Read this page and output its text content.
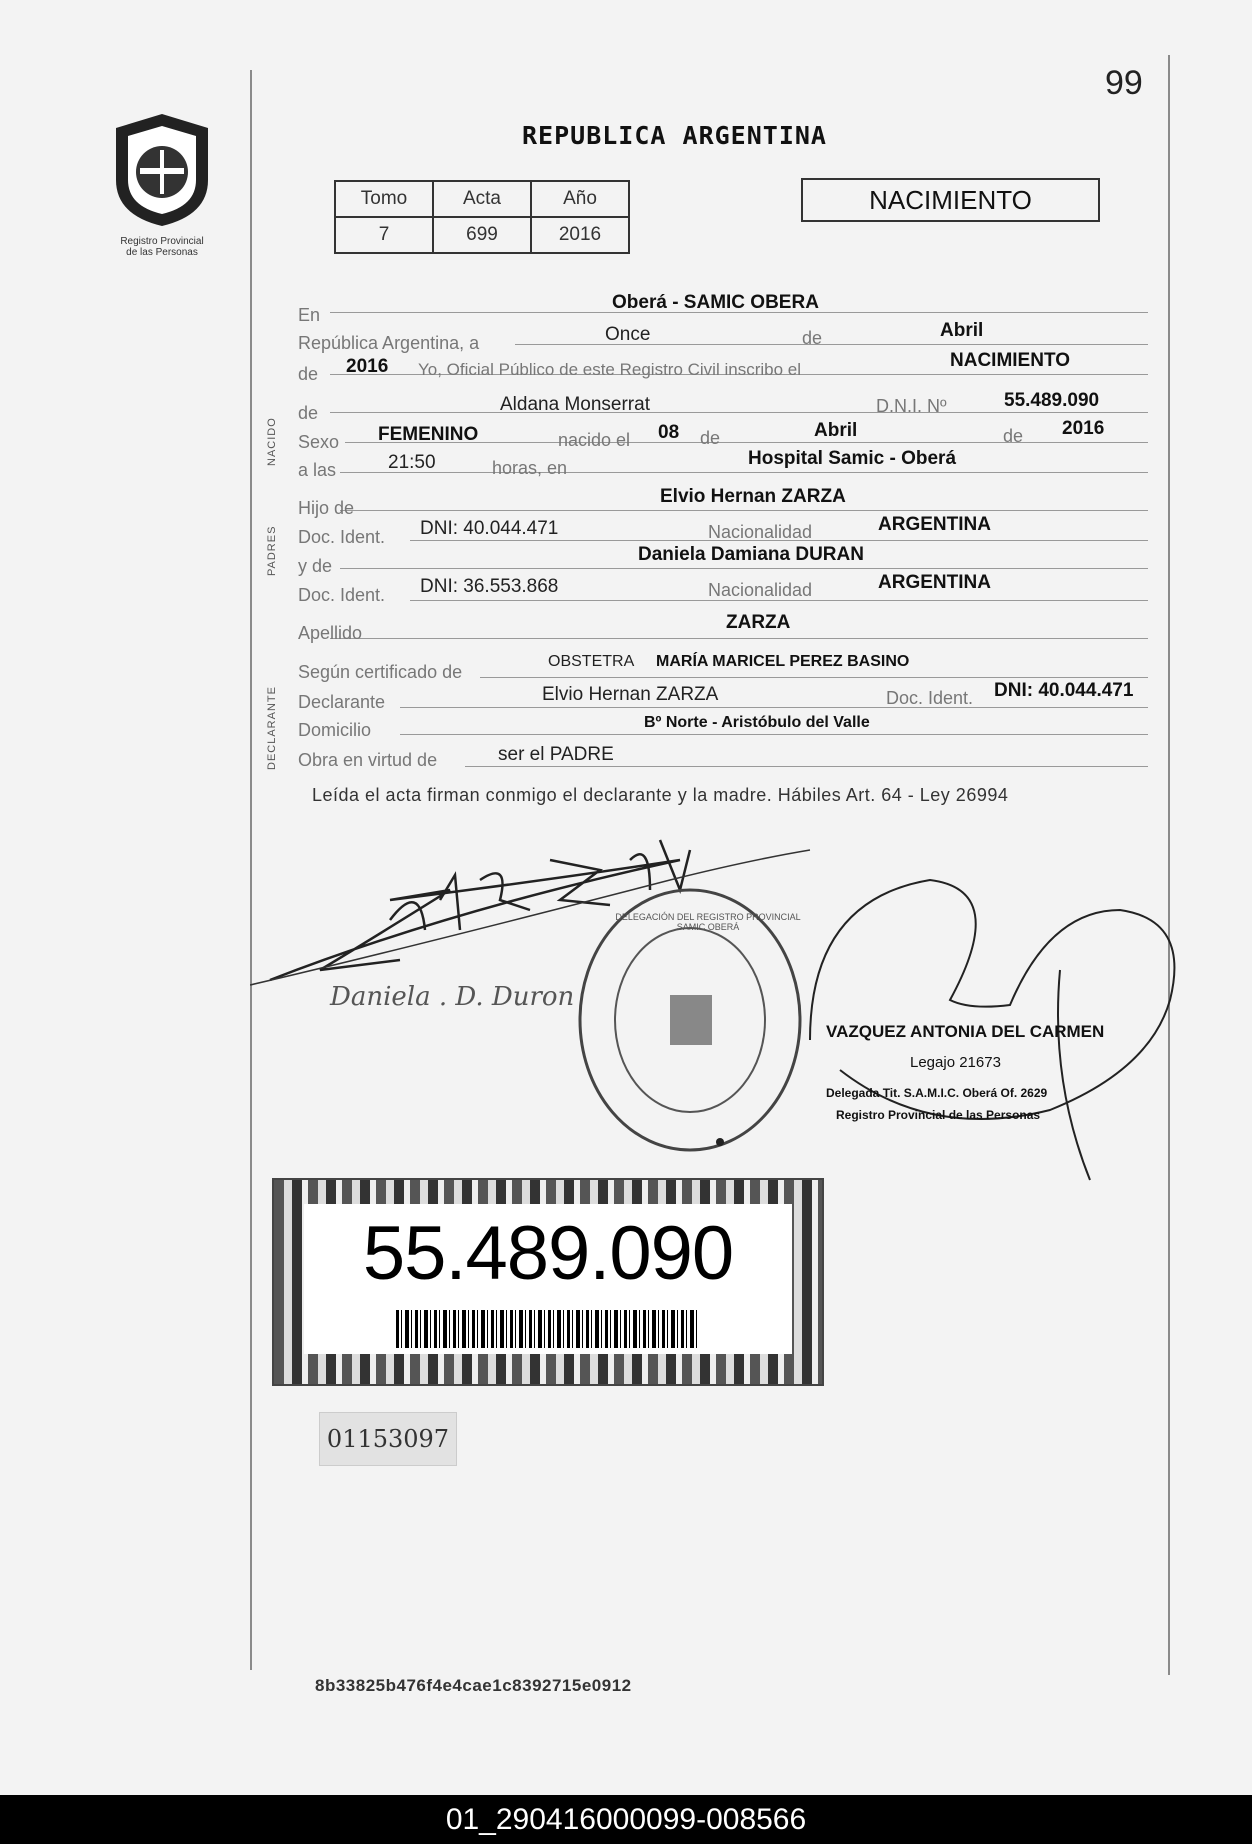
Registro Provincial
de las Personas
99
REPUBLICA ARGENTINA
Tomo	Acta	Año
7	699	2016
NACIMIENTO
NACIDO
PADRES
DECLARANTE
En
Oberá - SAMIC OBERA
República Argentina, a	Once	de	Abril
de 2016 Yo, Oficial Público de este Registro Civil inscribo el	NACIMIENTO
de	Aldana Monserrat	D.N.I. Nº	55.489.090
Sexo FEMENINO	nacido el 08 de	Abril	de 2016
a las	21:50	horas, en	Hospital Samic - Oberá
Hijo de
Elvio Hernan ZARZA
Doc. Ident. DNI: 40.044.471	Nacionalidad	ARGENTINA
y de
Daniela Damiana DURAN
Doc. Ident. DNI: 36.553.868	Nacionalidad	ARGENTINA
Apellido	ZARZA
Según certificado de
OBSTETRA MARÍA MARICEL PEREZ BASINO
Declarante	Elvio Hernan ZARZA	Doc. Ident. DNI: 40.044.471
Domicilio	Bº Norte - Aristóbulo del Valle
Obra en virtud de	ser el PADRE
Leída el acta firman conmigo el declarante y la madre. Hábiles Art. 64 - Ley 26994
Daniela . D. Duron
DELEGACIÓN DEL REGISTRO PROVINCIAL SAMIC OBERÁ
VAZQUEZ ANTONIA DEL CARMEN
Legajo 21673
Delegada Tit. S.A.M.I.C. Oberá Of. 2629
Registro Provincial de las Personas
55.489.090
01153097
8b33825b476f4e4cae1c8392715e0912
01_290416000099-008566
